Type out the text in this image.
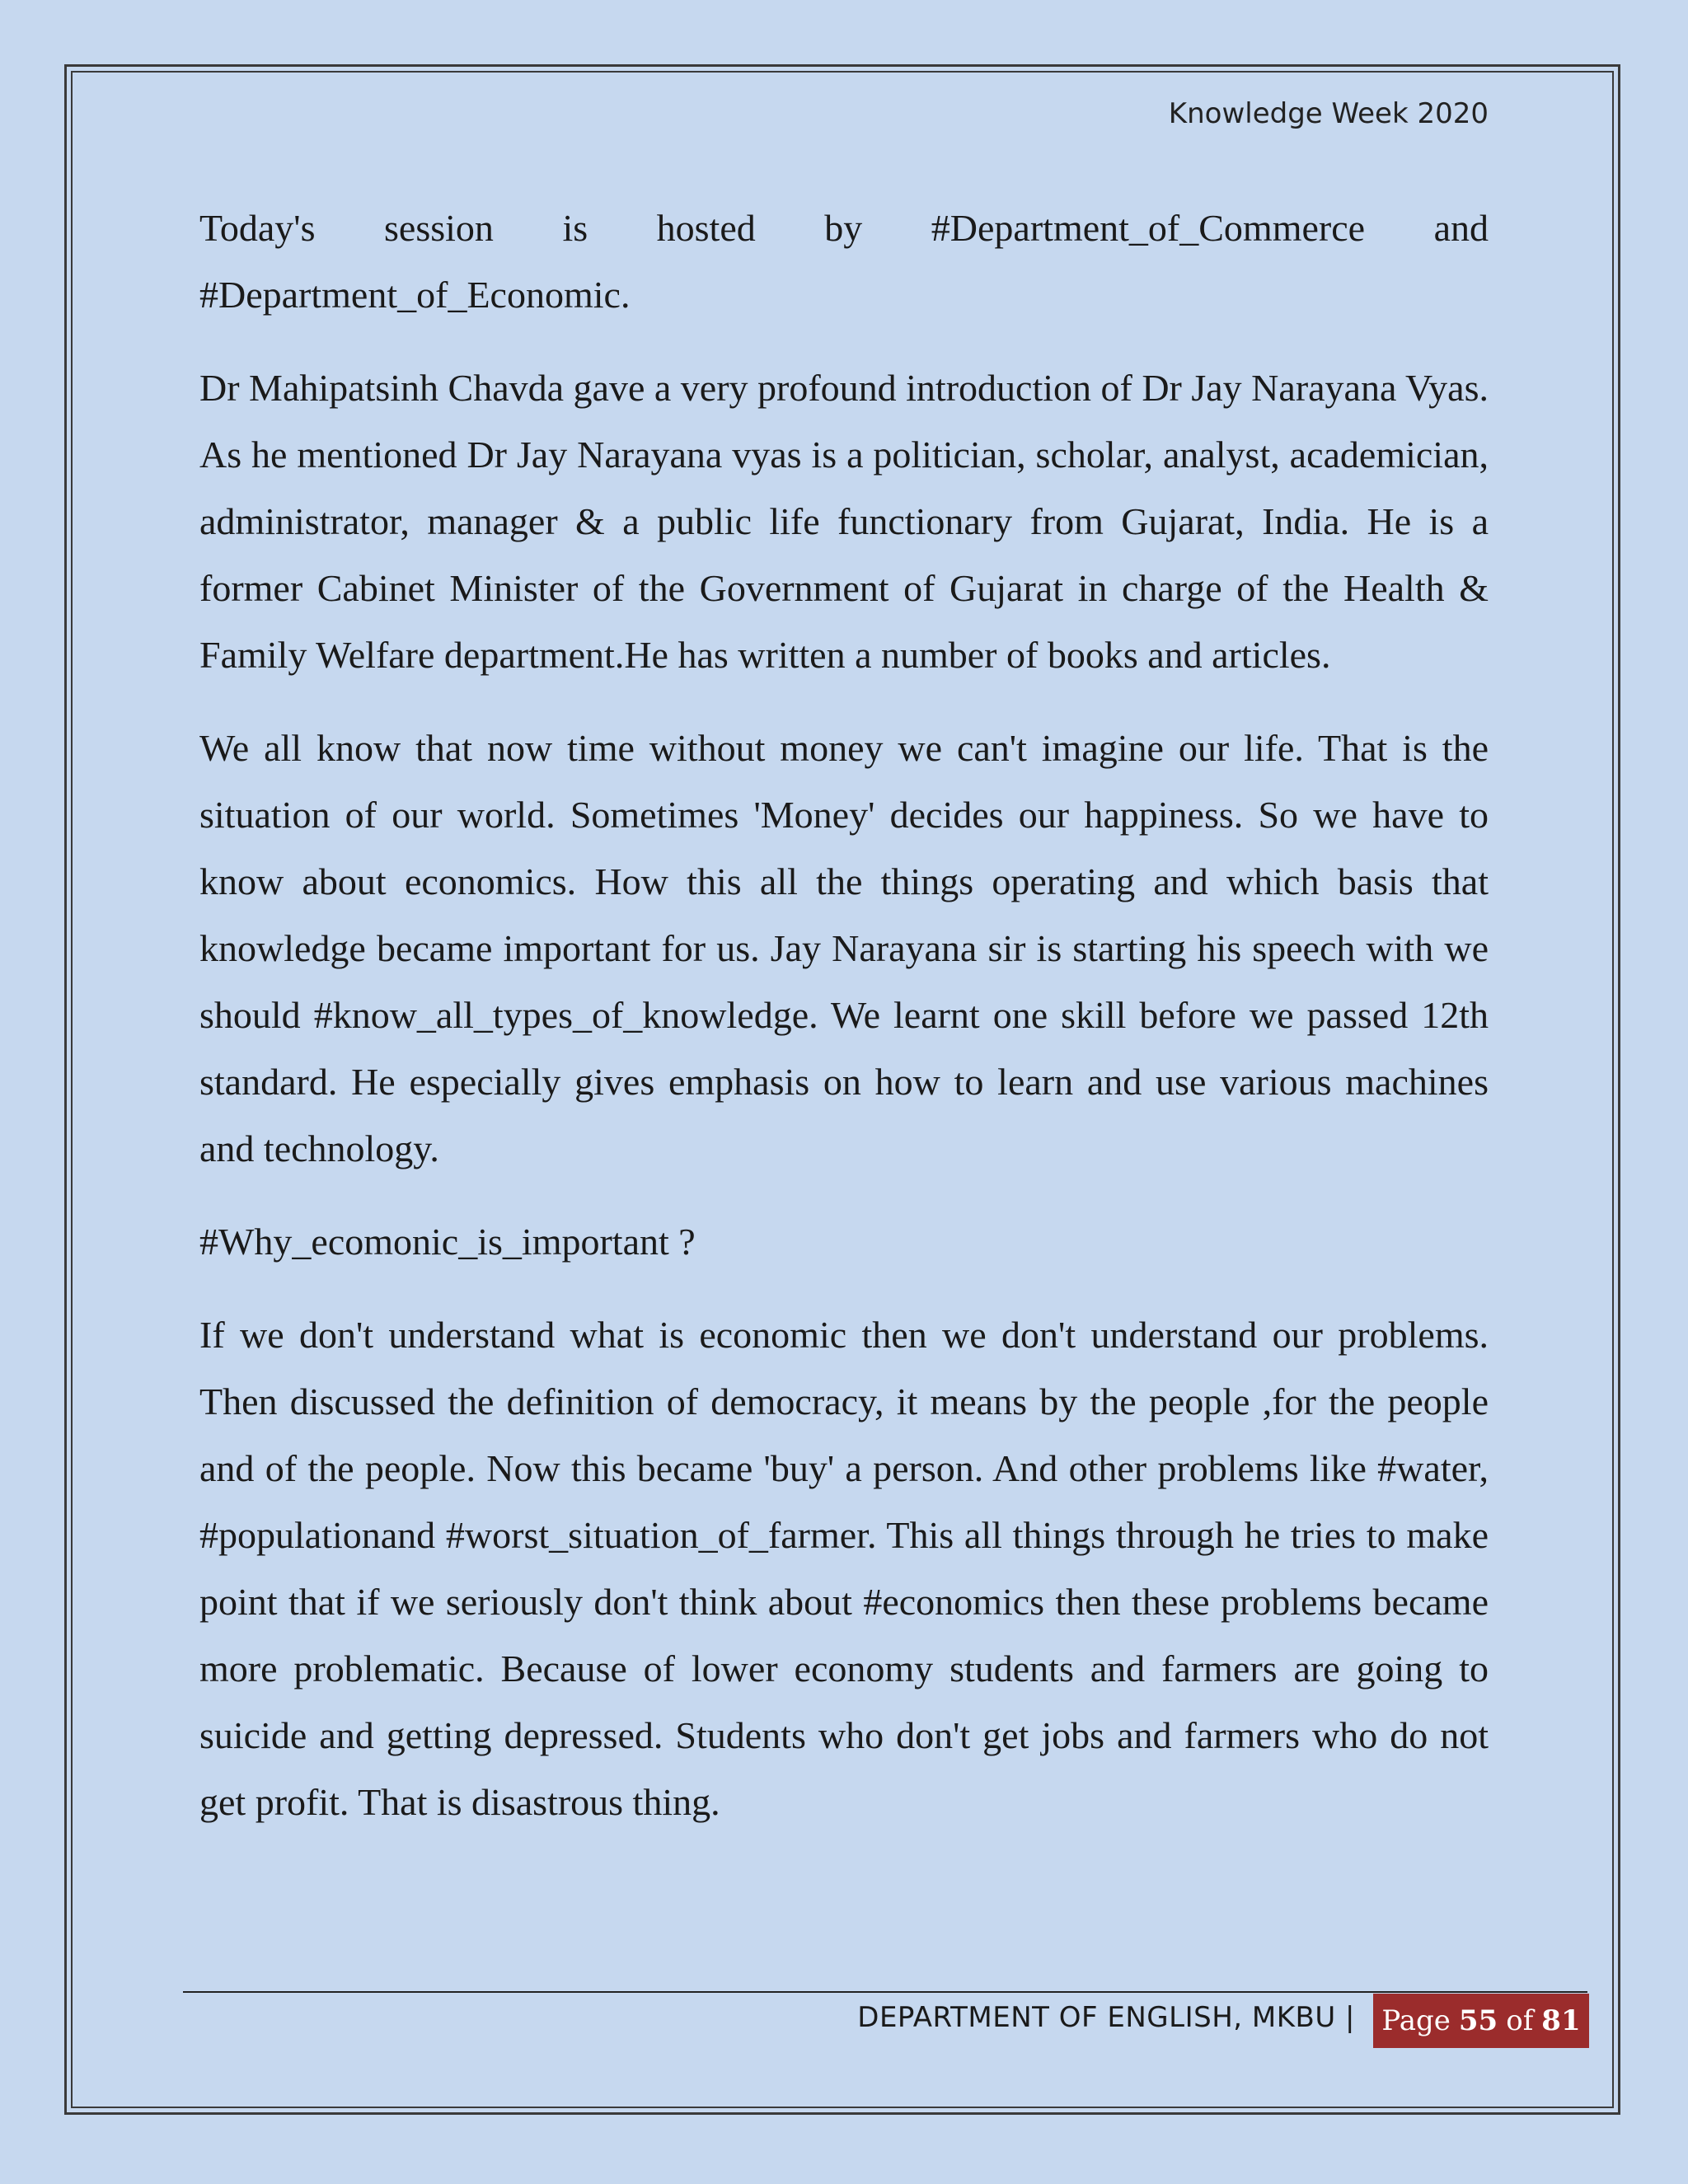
Knowledge Week 2020

Today's session is hosted by #Department_of_Commerce and #Department_of_Economic.

Dr Mahipatsinh Chavda gave a very profound introduction of Dr Jay Narayana Vyas. As he mentioned Dr Jay Narayana vyas is a politician, scholar, analyst, academician, administrator, manager & a public life functionary from Gujarat, India. He is a former Cabinet Minister of the Government of Gujarat in charge of the Health & Family Welfare department.He has written a number of books and articles.

We all know that now time without money we can't imagine our life. That is the situation of our world. Sometimes 'Money' decides our happiness. So we have to know about economics. How this all the things operating and which basis that knowledge became important for us. Jay Narayana sir is starting his speech with we should #know_all_types_of_knowledge. We learnt one skill before we passed 12th standard. He especially gives emphasis on how to learn and use various machines and technology.

#Why_ecomonic_is_important ?

If we don't understand what is economic then we don't understand our problems. Then discussed the definition of democracy, it means by the people ,for the people and of the people. Now this became 'buy' a person. And other problems like #water, #populationand #worst_situation_of_farmer. This all things through he tries to make point that if we seriously don't think about #economics then these problems became more problematic. Because of lower economy students and farmers are going to suicide and getting depressed. Students who don't get jobs and farmers who do not get profit. That is disastrous thing.

DEPARTMENT OF ENGLISH, MKBU | Page 55 of 81
